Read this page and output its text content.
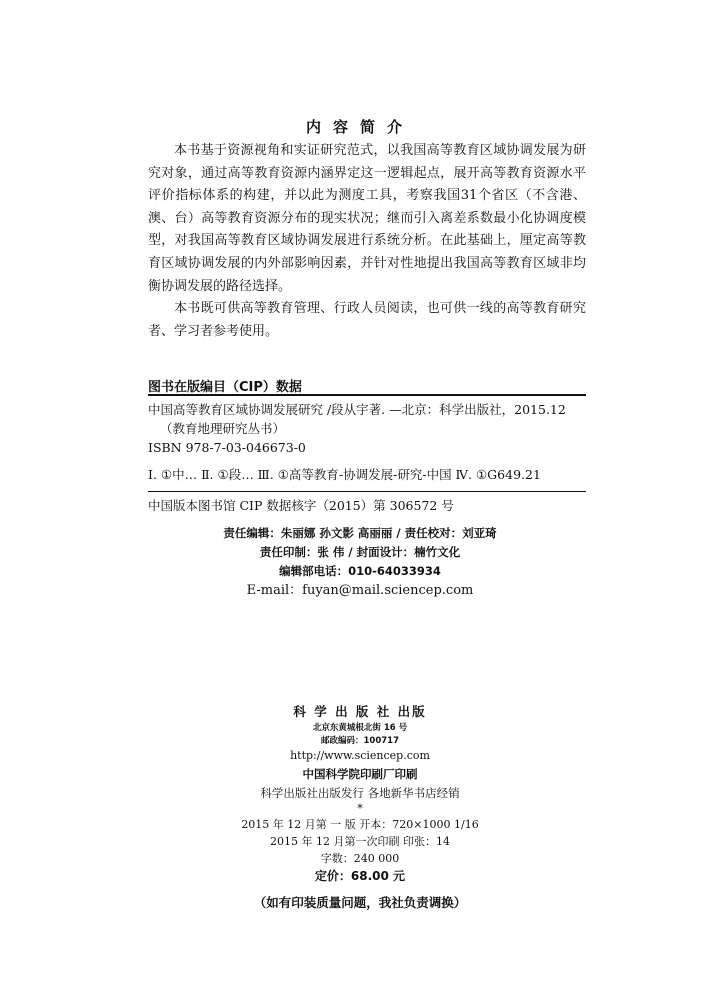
内容简介

本书基于资源视角和实证研究范式，以我国高等教育区域协调发展为研究对象，通过高等教育资源内涵界定这一逻辑起点，展开高等教育资源水平评价指标体系的构建，并以此为测度工具，考察我国31个省区（不含港、澳、台）高等教育资源分布的现实状况；继而引入离差系数最小化协调度模型，对我国高等教育区域协调发展进行系统分析。在此基础上，厘定高等教育区域协调发展的内外部影响因素，并针对性地提出我国高等教育区域非均衡协调发展的路径选择。

本书既可供高等教育管理、行政人员阅读，也可供一线的高等教育研究者、学习者参考使用。

图书在版编目（CIP）数据
中国高等教育区域协调发展研究 /段从宇著. —北京：科学出版社，2015.12
（教育地理研究丛书）
ISBN 978-7-03-046673-0
Ⅰ. ①中… Ⅱ. ①段… Ⅲ. ①高等教育-协调发展-研究-中国 Ⅳ. ①G649.21
中国版本图书馆 CIP 数据核字（2015）第 306572 号
责任编辑：朱丽娜 孙文影 高丽丽 / 责任校对：刘亚琦
责任印制：张 伟 / 封面设计：楠竹文化
编辑部电话：010-64033934
E-mail：fuyan@mail.sciencep.com
科 学 出 版 社 出版
北京东黄城根北街 16 号
邮政编码：100717
http://www.sciencep.com
中国科学院印刷厂印刷
科学出版社出版发行 各地新华书店经销
*
2015 年 12 月第 一 版 开本：720×1000 1/16
2015 年 12 月第一次印刷 印张：14
字数：240 000
定价：68.00 元
（如有印装质量问题，我社负责调换）
